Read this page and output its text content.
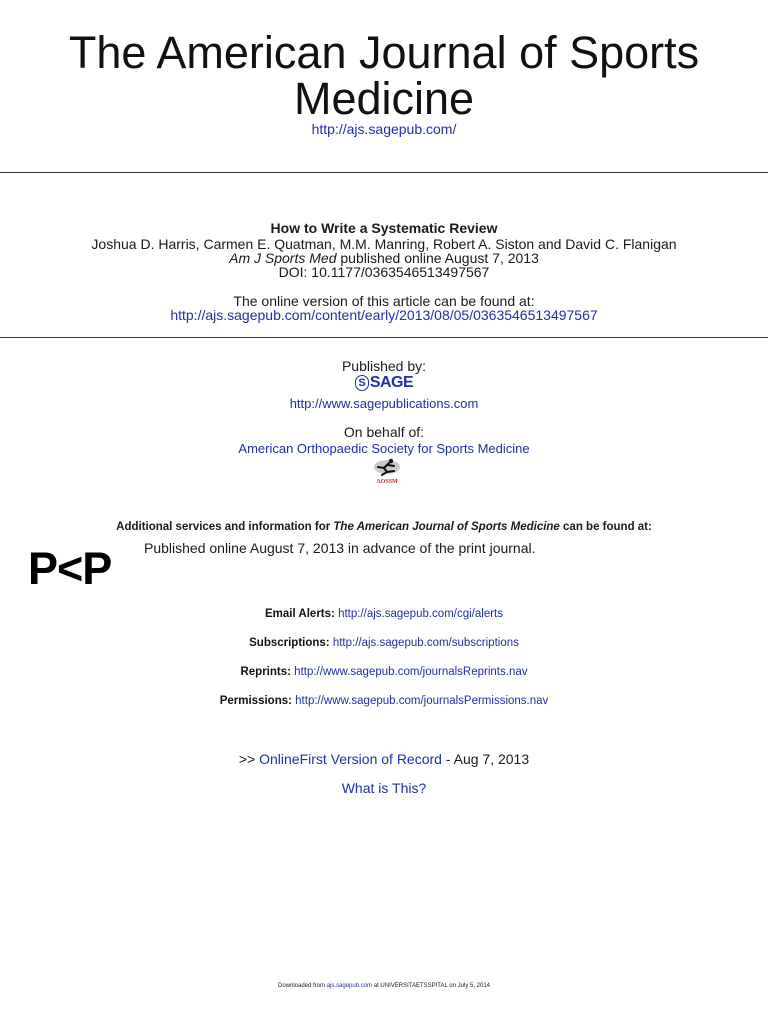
The American Journal of Sports Medicine
http://ajs.sagepub.com/
How to Write a Systematic Review
Joshua D. Harris, Carmen E. Quatman, M.M. Manring, Robert A. Siston and David C. Flanigan
Am J Sports Med published online August 7, 2013
DOI: 10.1177/0363546513497567
The online version of this article can be found at:
http://ajs.sagepub.com/content/early/2013/08/05/0363546513497567
Published by:
S SAGE
http://www.sagepublications.com
On behalf of:
American Orthopaedic Society for Sports Medicine
AOSSM
Additional services and information for The American Journal of Sports Medicine can be found at:
P<P Published online August 7, 2013 in advance of the print journal.
Email Alerts: http://ajs.sagepub.com/cgi/alerts
Subscriptions: http://ajs.sagepub.com/subscriptions
Reprints: http://www.sagepub.com/journalsReprints.nav
Permissions: http://www.sagepub.com/journalsPermissions.nav
>> OnlineFirst Version of Record - Aug 7, 2013
What is This?
Downloaded from ajs.sagepub.com at UNIVERSITAETSSPITAL on July 5, 2014
